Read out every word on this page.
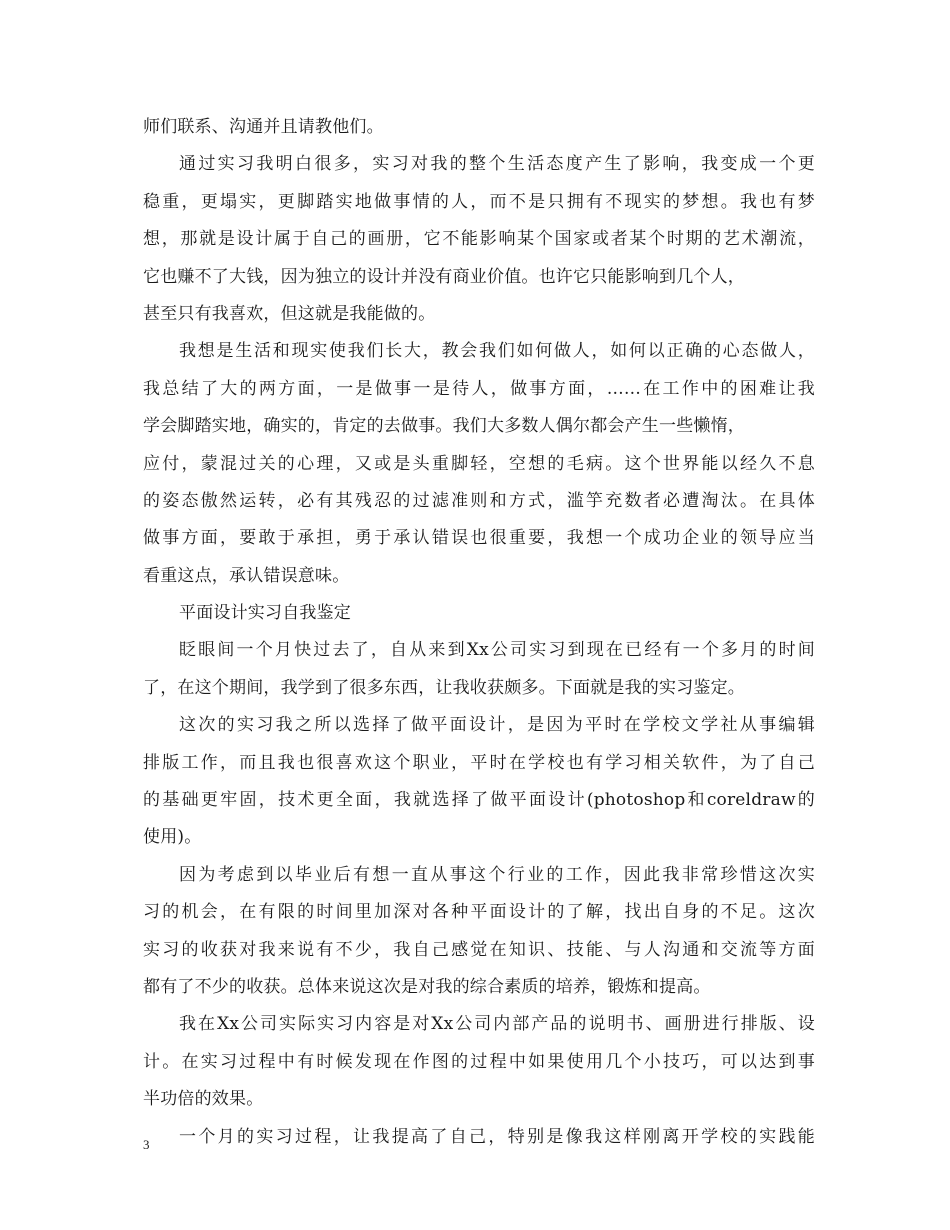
师们联系、沟通并且请教他们。
通过实习我明白很多，实习对我的整个生活态度产生了影响，我变成一个更
稳重，更塌实，更脚踏实地做事情的人，而不是只拥有不现实的梦想。我也有梦
想，那就是设计属于自己的画册，它不能影响某个国家或者某个时期的艺术潮流，
它也赚不了大钱，因为独立的设计并没有商业价值。也许它只能影响到几个人，
甚至只有我喜欢，但这就是我能做的。
我想是生活和现实使我们长大，教会我们如何做人，如何以正确的心态做人，
我总结了大的两方面，一是做事一是待人，做事方面，……在工作中的困难让我
学会脚踏实地，确实的，肯定的去做事。我们大多数人偶尔都会产生一些懒惰，
应付，蒙混过关的心理，又或是头重脚轻，空想的毛病。这个世界能以经久不息
的姿态傲然运转，必有其残忍的过滤准则和方式，滥竽充数者必遭淘汰。在具体
做事方面，要敢于承担，勇于承认错误也很重要，我想一个成功企业的领导应当
看重这点，承认错误意味。
平面设计实习自我鉴定
眨眼间一个月快过去了，自从来到Xx公司实习到现在已经有一个多月的时间
了，在这个期间，我学到了很多东西，让我收获颇多。下面就是我的实习鉴定。
这次的实习我之所以选择了做平面设计，是因为平时在学校文学社从事编辑
排版工作，而且我也很喜欢这个职业，平时在学校也有学习相关软件，为了自己
的基础更牢固，技术更全面，我就选择了做平面设计(photoshop和coreldraw的
使用)。
因为考虑到以毕业后有想一直从事这个行业的工作，因此我非常珍惜这次实
习的机会，在有限的时间里加深对各种平面设计的了解，找出自身的不足。这次
实习的收获对我来说有不少，我自己感觉在知识、技能、与人沟通和交流等方面
都有了不少的收获。总体来说这次是对我的综合素质的培养，锻炼和提高。
我在Xx公司实际实习内容是对Xx公司内部产品的说明书、画册进行排版、设
计。在实习过程中有时候发现在作图的过程中如果使用几个小技巧，可以达到事
半功倍的效果。
一个月的实习过程，让我提高了自己，特别是像我这样刚离开学校的实践能
3
